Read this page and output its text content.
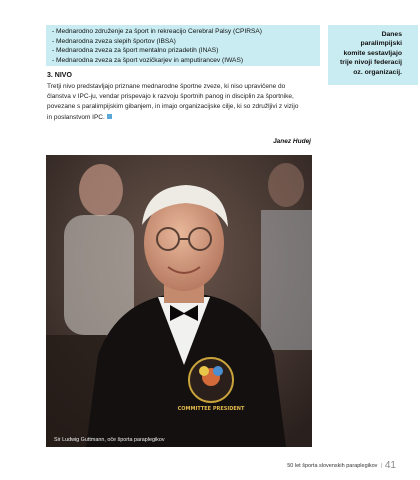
- Mednarodno združenje za šport in rekreacijo Cerebral Palsy (CPIRSA)
- Mednarodna zveza slepih športov (IBSA)
- Mednarodna zveza za šport mentalno prizadetih (INAS)
- Mednarodna zveza za šport vozičkarjev in amputirancev (IWAS)
Danes
paralimpijski
komite sestavljajo
trije nivoji federacij
oz. organizacij.
3. NIVO
Tretji nivo predstavljajo priznane mednarodne športne zveze, ki niso upravičene do
članstva v IPC-ju, vendar prispevajo k razvoju športnih panog in disciplin za športnike,
povezane s paralimpijskim gibanjem, in imajo organizacijske cilje, ki so združljivi z vizijo
in poslanstvom IPC.
Janez Hudej
COMMITTEE PRESIDENT
Sir Ludwig Guttmann, oče športa paraplegikov
50 let športa slovenskih paraplegikov | 41
